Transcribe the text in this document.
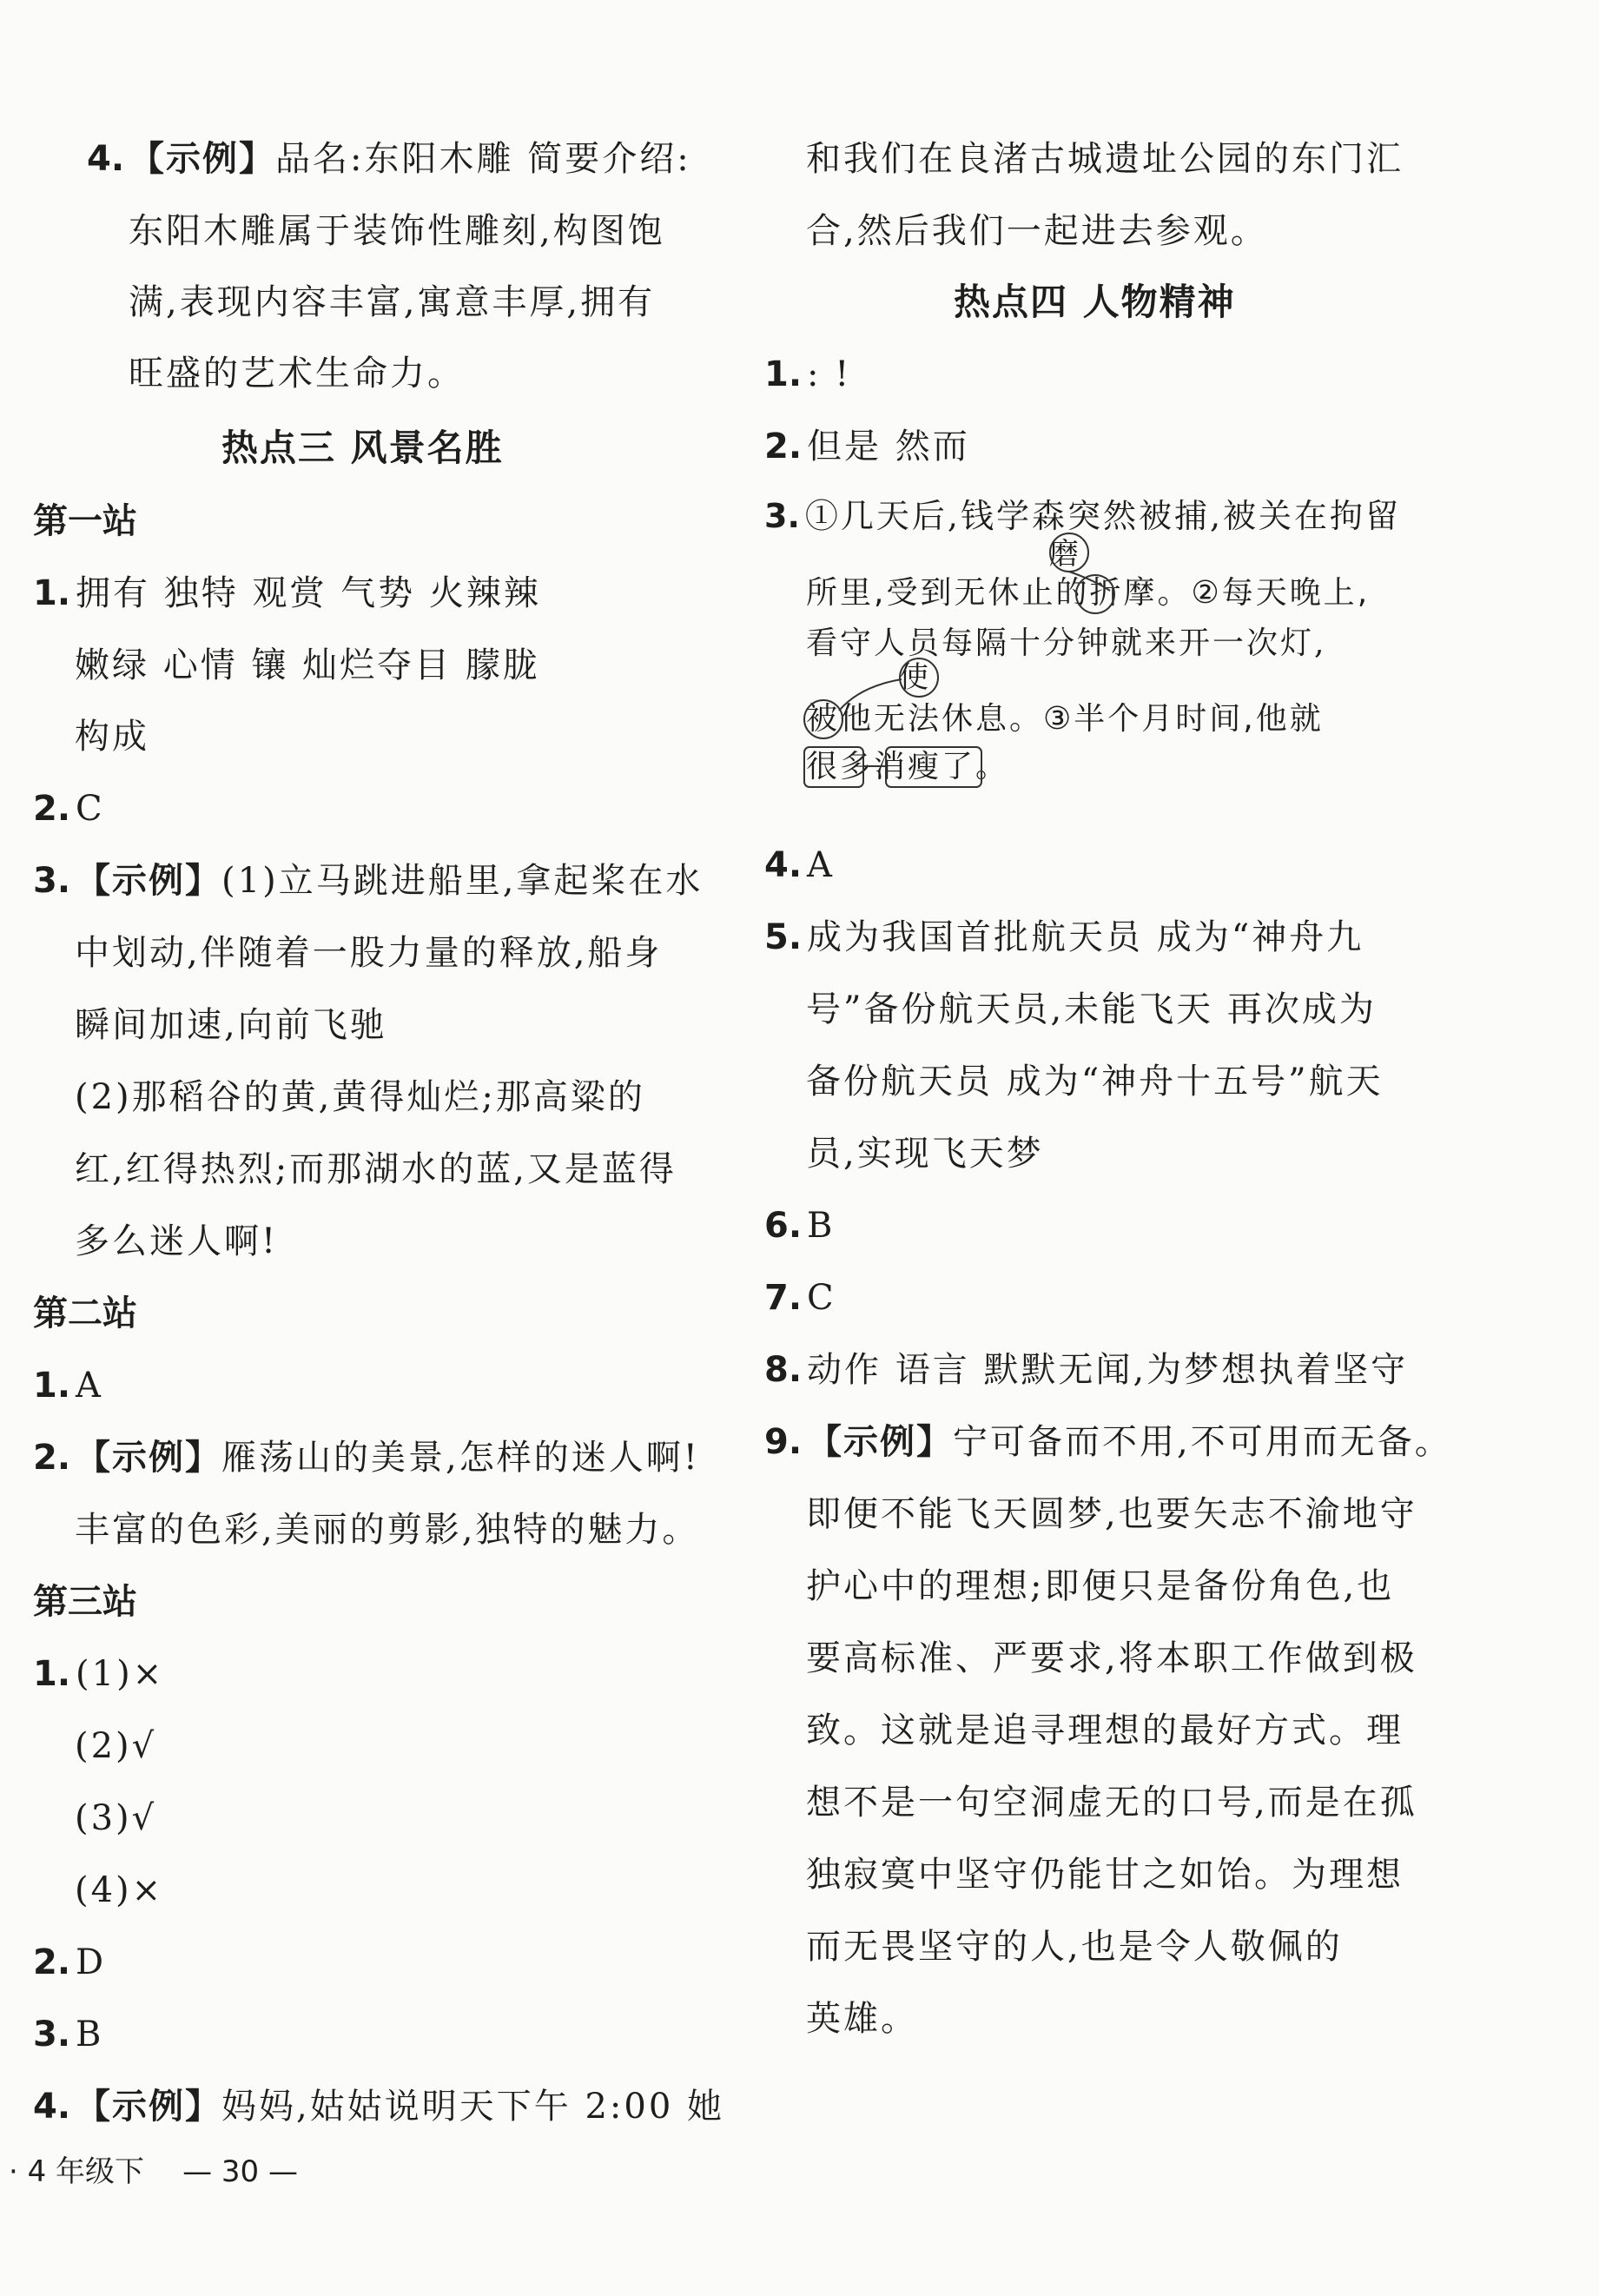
4. 【示例】品名:东阳木雕 简要介绍:
东阳木雕属于装饰性雕刻,构图饱
满,表现内容丰富,寓意丰厚,拥有
旺盛的艺术生命力。
热点三 风景名胜
第一站
1. 拥有 独特 观赏 气势 火辣辣
嫩绿 心情 镶 灿烂夺目 朦胧
构成
2. C
3. 【示例】(1)立马跳进船里,拿起桨在水
中划动,伴随着一股力量的释放,船身
瞬间加速,向前飞驰
(2)那稻谷的黄,黄得灿烂;那高粱的
红,红得热烈;而那湖水的蓝,又是蓝得
多么迷人啊!
第二站
1. A
2. 【示例】雁荡山的美景,怎样的迷人啊!
丰富的色彩,美丽的剪影,独特的魅力。
第三站
1. (1)×
(2)√
(3)√
(4)×
2. D
3. B
4. 【示例】妈妈,姑姑说明天下午 2:00 她
和我们在良渚古城遗址公园的东门汇
合,然后我们一起进去参观。
热点四 人物精神
1. : !
2. 但是 然而
3. ①几天后,钱学森突然被捕,被关在拘留
所里,受到无休止的折摩。②每天晚上,
看守人员每隔十分钟就来开一次灯,
被他无法休息。③半个月时间,他就
很多消瘦了。
磨
使
4. A
5. 成为我国首批航天员 成为“神舟九
号”备份航天员,未能飞天 再次成为
备份航天员 成为“神舟十五号”航天
员,实现飞天梦
6. B
7. C
8. 动作 语言 默默无闻,为梦想执着坚守
9. 【示例】宁可备而不用,不可用而无备。
即便不能飞天圆梦,也要矢志不渝地守
护心中的理想;即便只是备份角色,也
要高标准、严要求,将本职工作做到极
致。这就是追寻理想的最好方式。理
想不是一句空洞虚无的口号,而是在孤
独寂寞中坚守仍能甘之如饴。为理想
而无畏坚守的人,也是令人敬佩的
英雄。
· 4 年级下 — 30 —
